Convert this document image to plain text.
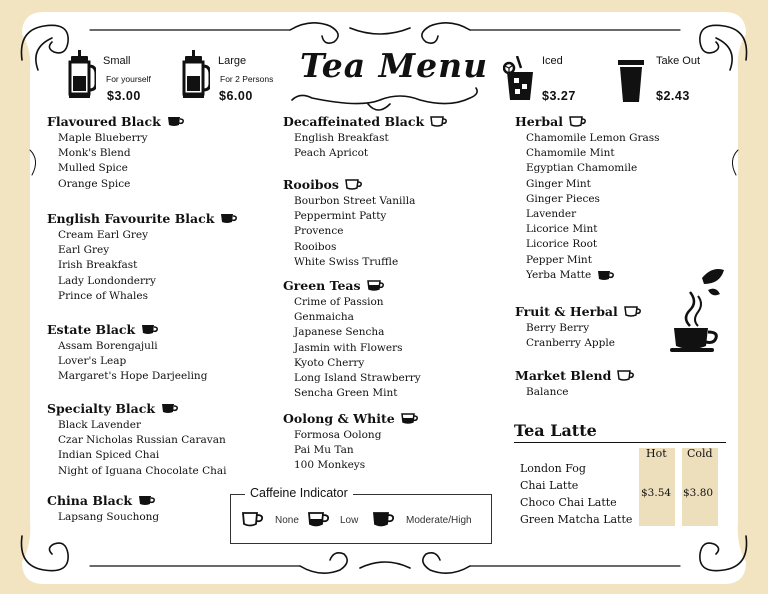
Small
For yourself
$3.00
Large
For 2 Persons
$6.00
Tea Menu	Iced
$3.27
Take Out
$2.43
Flavoured Black
Maple Blueberry
Monk's Blend
Mulled Spice
Orange Spice
English Favourite Black
Cream Earl Grey
Earl Grey
Irish Breakfast
Lady Londonderry
Prince of Whales
Estate Black
Assam Borengajuli
Lover's Leap
Margaret's Hope Darjeeling
Specialty Black
Black Lavender
Czar Nicholas Russian Caravan
Indian Spiced Chai
Night of Iguana Chocolate Chai
China Black
Lapsang Souchong
Decaffeinated Black
English Breakfast
Peach Apricot
Rooibos
Bourbon Street Vanilla
Peppermint Patty
Provence
Rooibos
White Swiss Truffle
Green Teas
Crime of Passion
Genmaicha
Japanese Sencha
Jasmin with Flowers
Kyoto Cherry
Long Island Strawberry
Sencha Green Mint
Oolong & White
Formosa Oolong
Pai Mu Tan
100 Monkeys
Caffeine Indicator
None	Low	Moderate/High
Herbal
Chamomile Lemon Grass
Chamomile Mint
Egyptian Chamomile
Ginger Mint
Ginger Pieces
Lavender
Licorice Mint
Licorice Root
Pepper Mint
Yerba Matte
Fruit & Herbal
Berry Berry
Cranberry Apple
Market Blend
Balance
Tea Latte
Hot Cold
London Fog
Chai Latte
Choco Chai Latte
Green Matcha Latte
$3.54 $3.80
